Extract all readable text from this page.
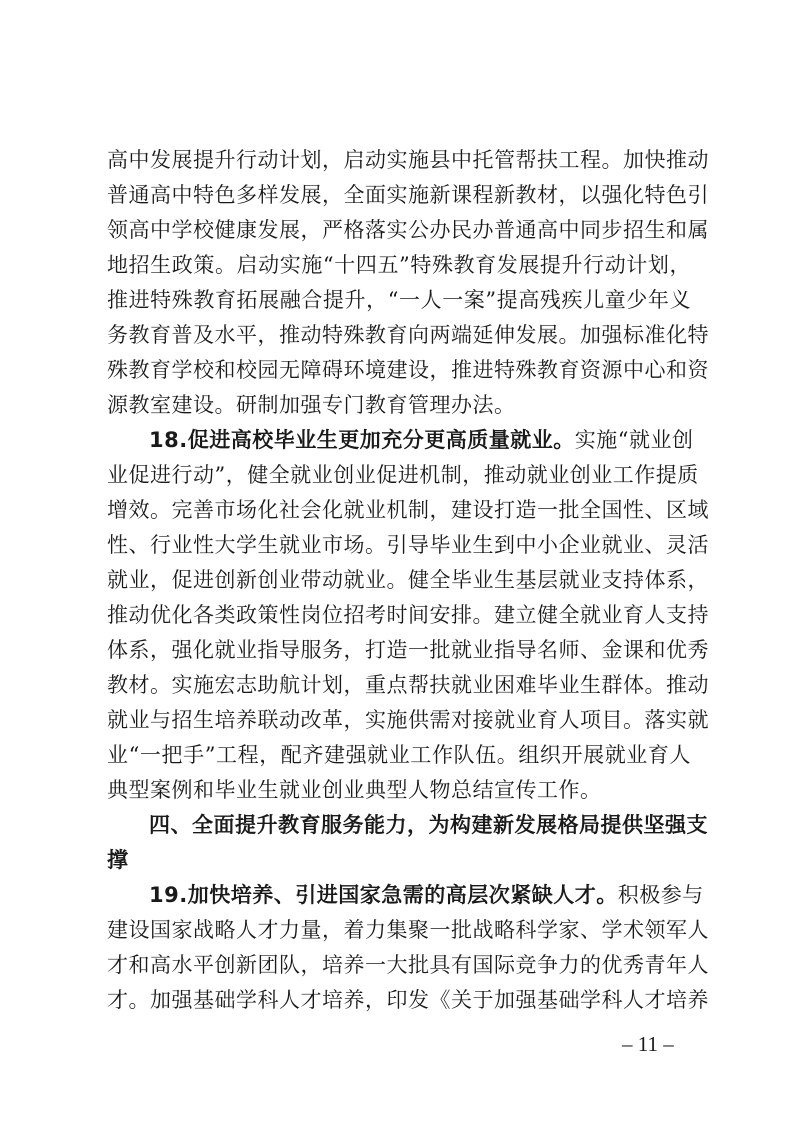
高中发展提升行动计划，启动实施县中托管帮扶工程。加快推动
普通高中特色多样发展，全面实施新课程新教材，以强化特色引
领高中学校健康发展，严格落实公办民办普通高中同步招生和属
地招生政策。启动实施“十四五”特殊教育发展提升行动计划，
推进特殊教育拓展融合提升，“一人一案”提高残疾儿童少年义
务教育普及水平，推动特殊教育向两端延伸发展。加强标准化特
殊教育学校和校园无障碍环境建设，推进特殊教育资源中心和资
源教室建设。研制加强专门教育管理办法。
18.促进高校毕业生更加充分更高质量就业。实施“就业创
业促进行动”，健全就业创业促进机制，推动就业创业工作提质
增效。完善市场化社会化就业机制，建设打造一批全国性、区域
性、行业性大学生就业市场。引导毕业生到中小企业就业、灵活
就业，促进创新创业带动就业。健全毕业生基层就业支持体系，
推动优化各类政策性岗位招考时间安排。建立健全就业育人支持
体系，强化就业指导服务，打造一批就业指导名师、金课和优秀
教材。实施宏志助航计划，重点帮扶就业困难毕业生群体。推动
就业与招生培养联动改革，实施供需对接就业育人项目。落实就
业“一把手”工程，配齐建强就业工作队伍。组织开展就业育人
典型案例和毕业生就业创业典型人物总结宣传工作。
四、全面提升教育服务能力，为构建新发展格局提供坚强支
撑
19.加快培养、引进国家急需的高层次紧缺人才。积极参与
建设国家战略人才力量，着力集聚一批战略科学家、学术领军人
才和高水平创新团队，培养一大批具有国际竞争力的优秀青年人
才。加强基础学科人才培养，印发《关于加强基础学科人才培养
– 11 –
